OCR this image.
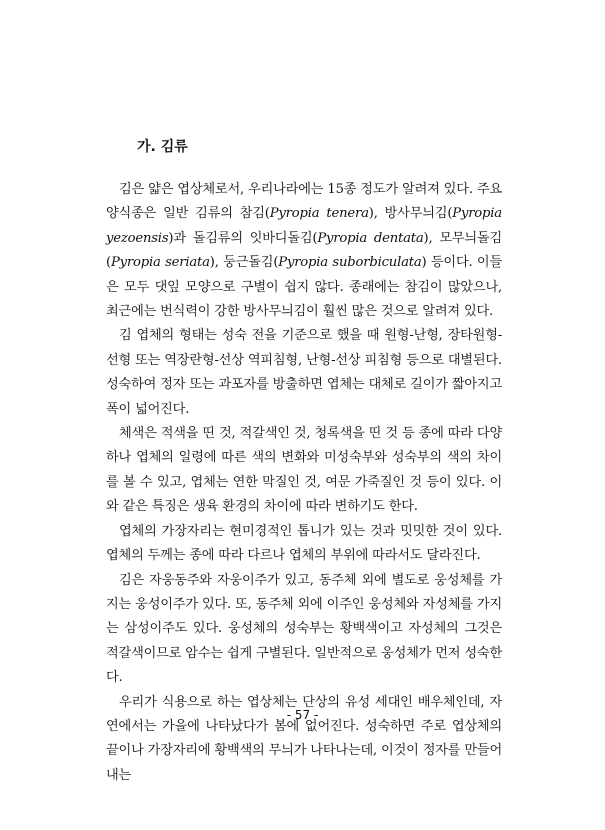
가. 김류

김은 얇은 엽상체로서, 우리나라에는 15종 정도가 알려져 있다. 주요 양식종은 일반 김류의 참김(Pyropia tenera), 방사무늬김(Pyropia yezoensis)과 돌김류의 잇바디돌김(Pyropia dentata), 모무늬돌김(Pyropia seriata), 둥근돌김(Pyropia suborbiculata) 등이다. 이들은 모두 댓잎 모양으로 구별이 쉽지 않다. 종래에는 참김이 많았으나, 최근에는 번식력이 강한 방사무늬김이 훨씬 많은 것으로 알려져 있다.

김 엽체의 형태는 성숙 전을 기준으로 했을 때 원형-난형, 장타원형-선형 또는 역장란형-선상 역피침형, 난형-선상 피침형 등으로 대별된다. 성숙하여 정자 또는 과포자를 방출하면 엽체는 대체로 길이가 짧아지고 폭이 넓어진다.

체색은 적색을 띤 것, 적갈색인 것, 청록색을 띤 것 등 종에 따라 다양하나 엽체의 일령에 따른 색의 변화와 미성숙부와 성숙부의 색의 차이를 볼 수 있고, 엽체는 연한 막질인 것, 여문 가죽질인 것 등이 있다. 이와 같은 특징은 생육 환경의 차이에 따라 변하기도 한다.

엽체의 가장자리는 현미경적인 톱니가 있는 것과 밋밋한 것이 있다. 엽체의 두께는 종에 따라 다르나 엽체의 부위에 따라서도 달라진다.

김은 자웅동주와 자웅이주가 있고, 동주체 외에 별도로 웅성체를 가지는 웅성이주가 있다. 또, 동주체 외에 이주인 웅성체와 자성체를 가지는 삼성이주도 있다. 웅성체의 성숙부는 황백색이고 자성체의 그것은 적갈색이므로 암수는 쉽게 구별된다. 일반적으로 웅성체가 먼저 성숙한다.

우리가 식용으로 하는 엽상체는 단상의 유성 세대인 배우체인데, 자연에서는 가을에 나타났다가 봄에 없어진다. 성숙하면 주로 엽상체의 끝이나 가장자리에 황백색의 무늬가 나타나는데, 이것이 정자를 만들어내는

- 57 -
